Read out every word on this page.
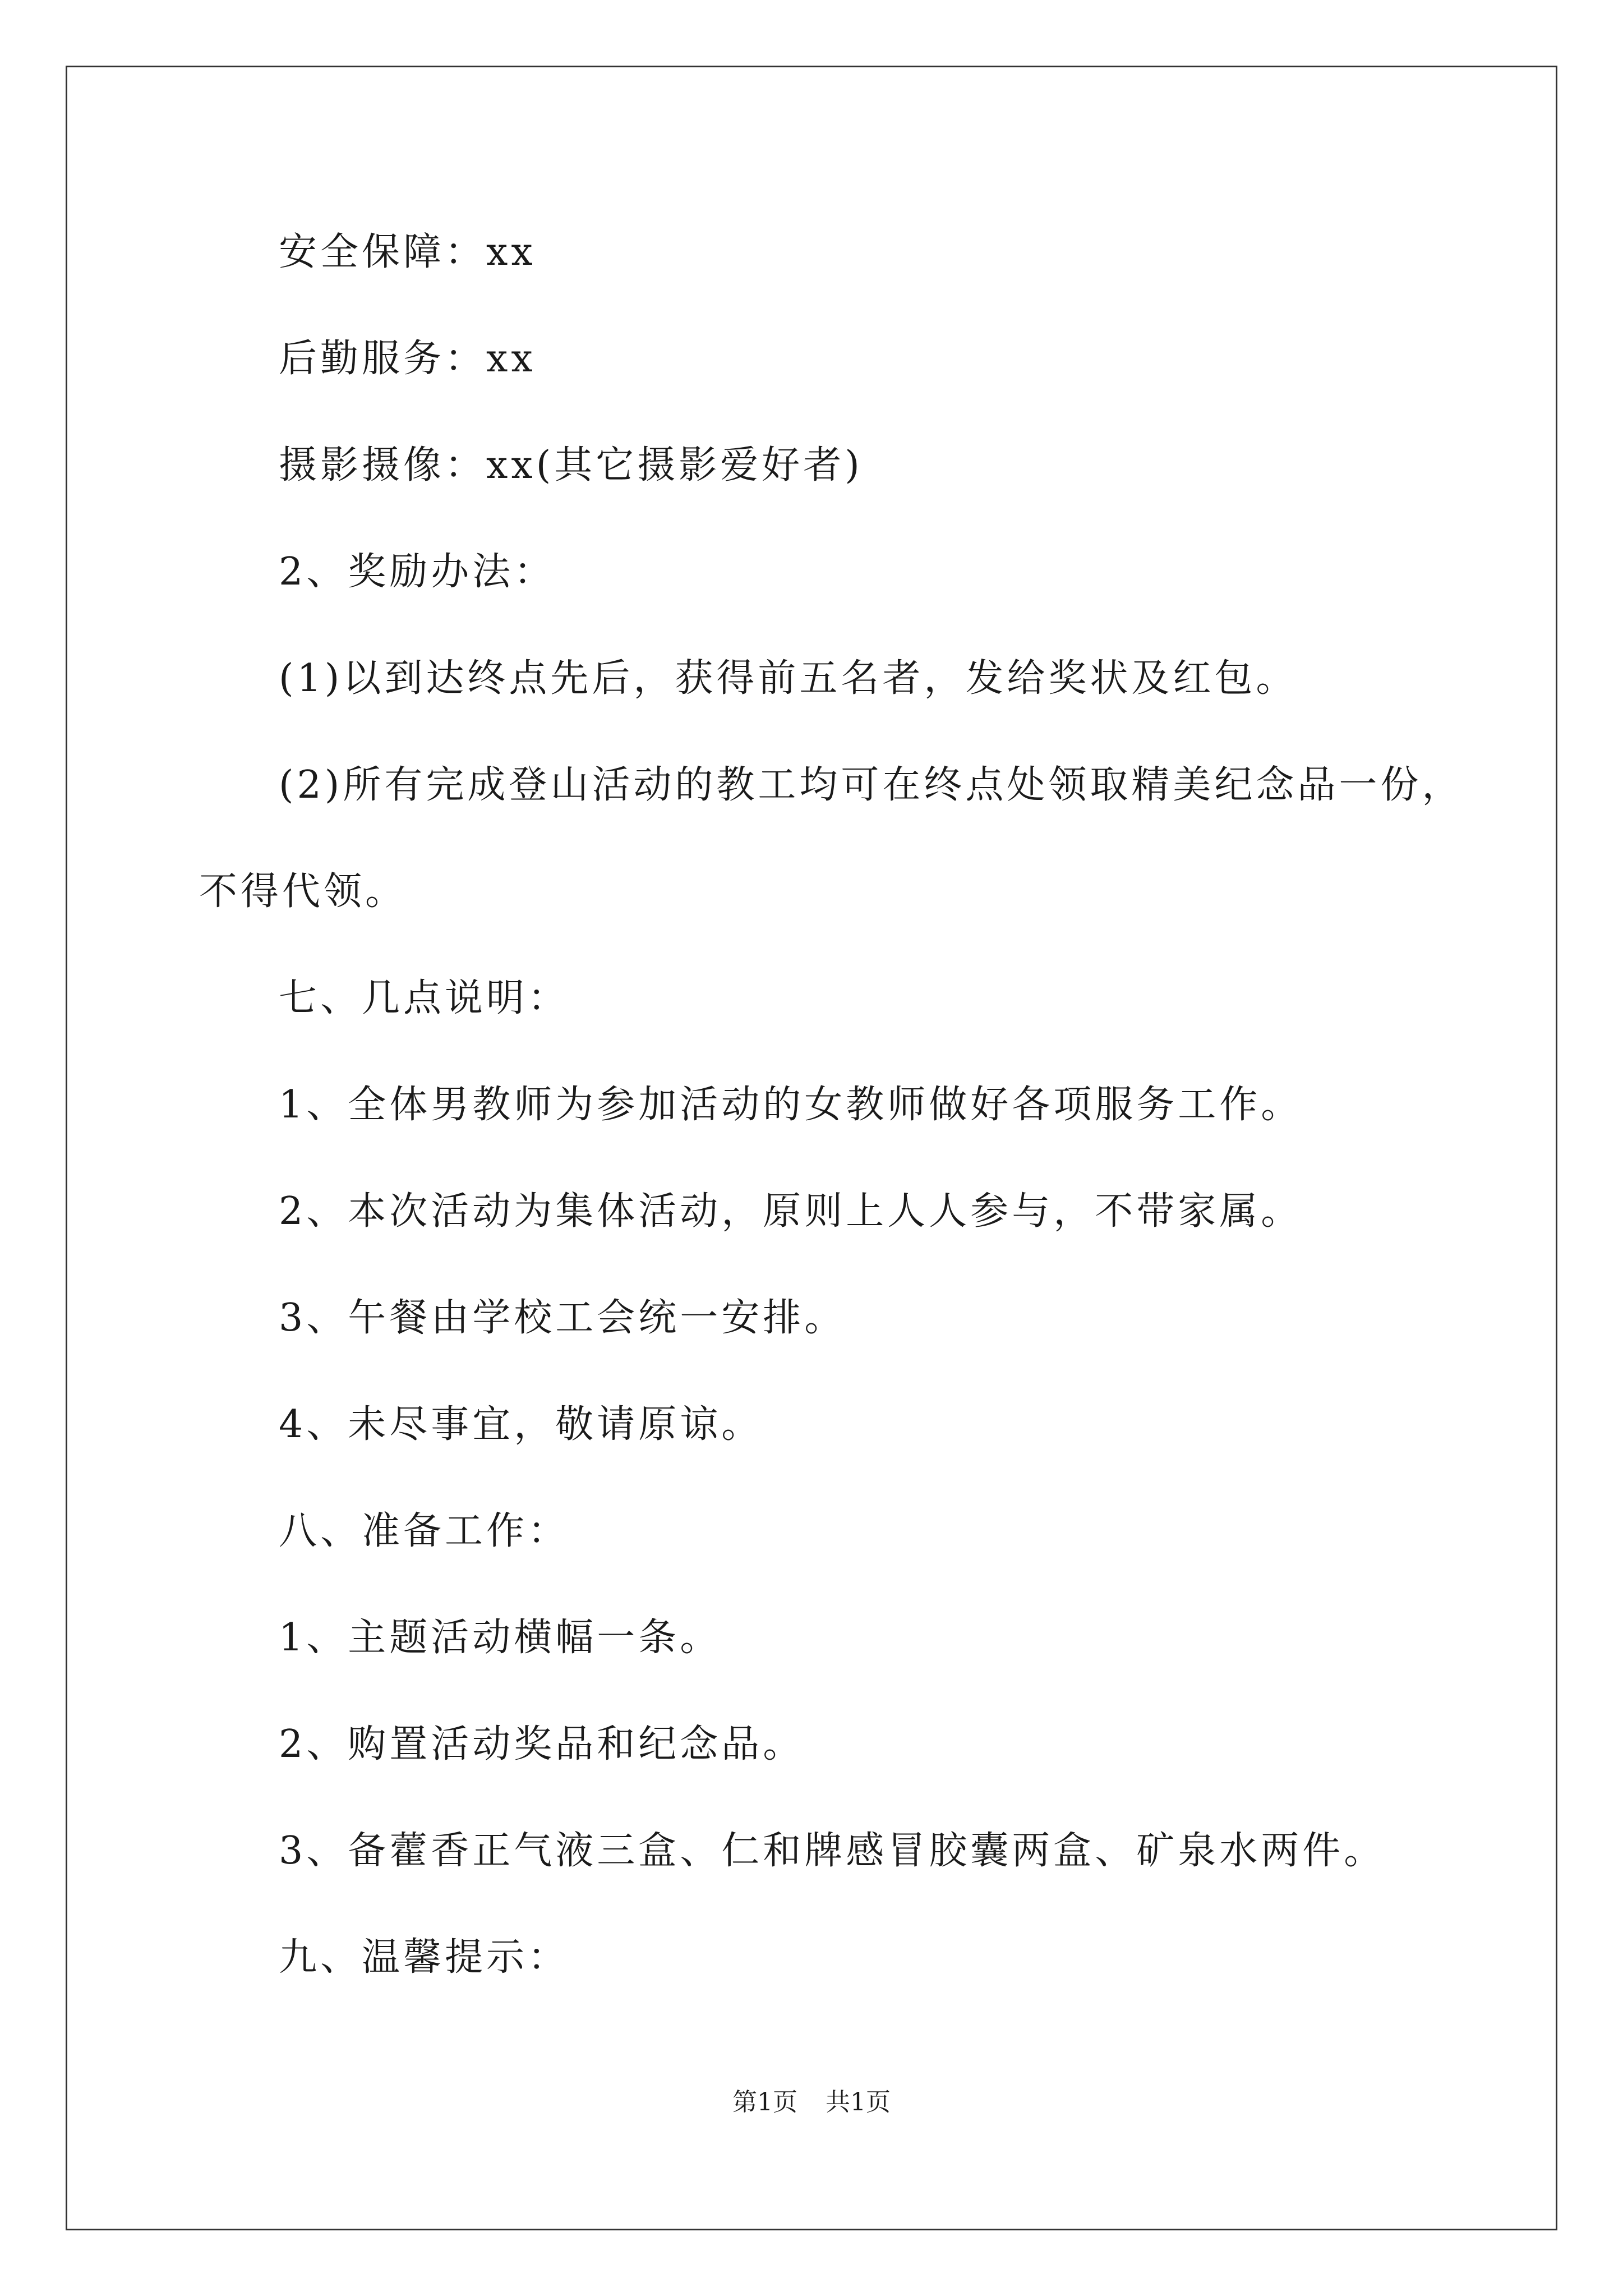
安全保障：xx
后勤服务：xx
摄影摄像：xx(其它摄影爱好者)
2、奖励办法：
(1)以到达终点先后，获得前五名者，发给奖状及红包。
(2)所有完成登山活动的教工均可在终点处领取精美纪念品一份，
不得代领。
七、几点说明：
1、全体男教师为参加活动的女教师做好各项服务工作。
2、本次活动为集体活动，原则上人人参与，不带家属。
3、午餐由学校工会统一安排。
4、未尽事宜，敬请原谅。
八、准备工作：
1、主题活动横幅一条。
2、购置活动奖品和纪念品。
3、备藿香正气液三盒、仁和牌感冒胶囊两盒、矿泉水两件。
九、温馨提示：
第1页 共1页
